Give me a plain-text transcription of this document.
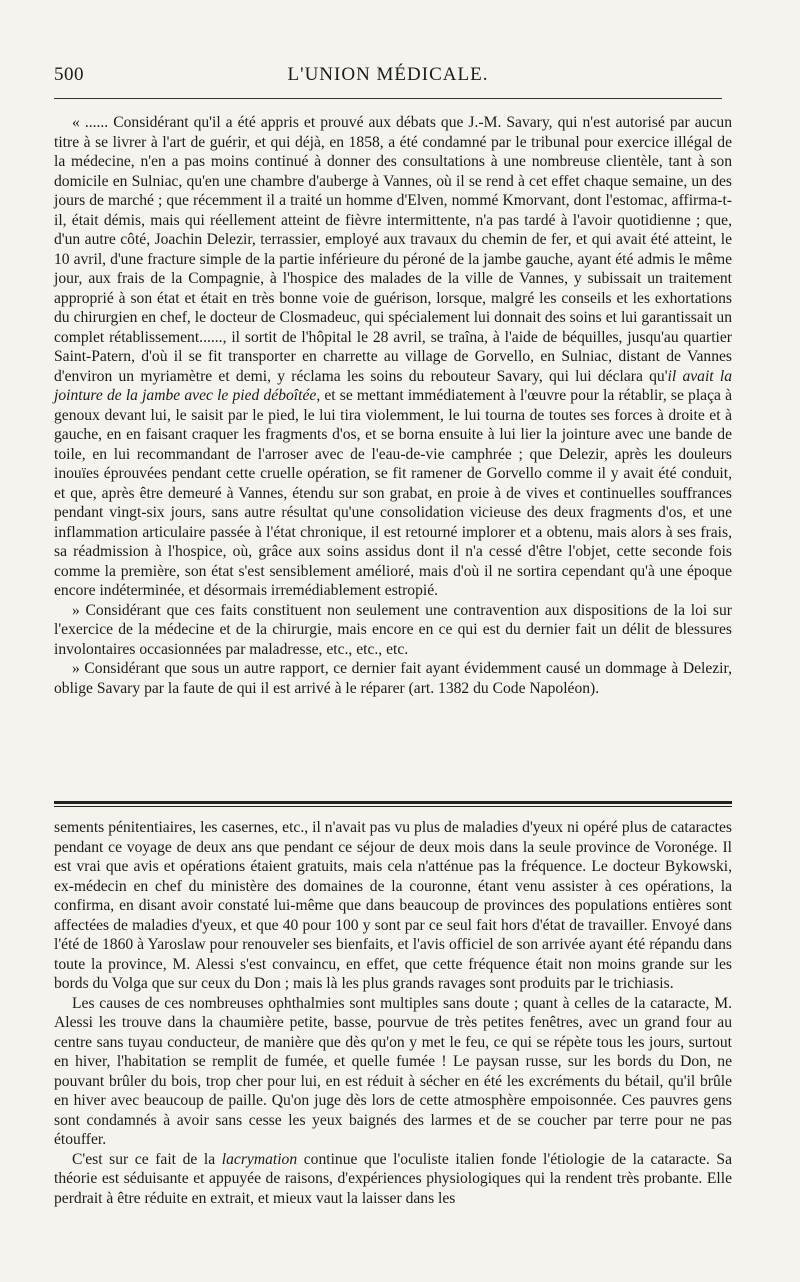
500	L'UNION MÉDICALE.

« ...... Considérant qu'il a été appris et prouvé aux débats que J.-M. Savary, qui n'est autorisé par aucun titre à se livrer à l'art de guérir, et qui déjà, en 1858, a été condamné par le tribunal pour exercice illégal de la médecine, n'en a pas moins continué à donner des consultations à une nombreuse clientèle, tant à son domicile en Sulniac, qu'en une chambre d'auberge à Vannes, où il se rend à cet effet chaque semaine, un des jours de marché ; que récemment il a traité un homme d'Elven, nommé Kmorvant, dont l'estomac, affirma-t-il, était démis, mais qui réellement atteint de fièvre intermittente, n'a pas tardé à l'avoir quotidienne ; que, d'un autre côté, Joachin Delezir, terrassier, employé aux travaux du chemin de fer, et qui avait été atteint, le 10 avril, d'une fracture simple de la partie inférieure du péroné de la jambe gauche, ayant été admis le même jour, aux frais de la Compagnie, à l'hospice des malades de la ville de Vannes, y subissait un traitement approprié à son état et était en très bonne voie de guérison, lorsque, malgré les conseils et les exhortations du chirurgien en chef, le docteur de Closmadeuc, qui spécialement lui donnait des soins et lui garantissait un complet rétablissement......, il sortit de l'hôpital le 28 avril, se traîna, à l'aide de béquilles, jusqu'au quartier Saint-Patern, d'où il se fit transporter en charrette au village de Gorvello, en Sulniac, distant de Vannes d'environ un myriamètre et demi, y réclama les soins du rebouteur Savary, qui lui déclara qu'il avait la jointure de la jambe avec le pied déboîtée, et se mettant immédiatement à l'œuvre pour la rétablir, se plaça à genoux devant lui, le saisit par le pied, le lui tira violemment, le lui tourna de toutes ses forces à droite et à gauche, en en faisant craquer les fragments d'os, et se borna ensuite à lui lier la jointure avec une bande de toile, en lui recommandant de l'arroser avec de l'eau-de-vie camphrée ; que Delezir, après les douleurs inouïes éprouvées pendant cette cruelle opération, se fit ramener de Gorvello comme il y avait été conduit, et que, après être demeuré à Vannes, étendu sur son grabat, en proie à de vives et continuelles souffrances pendant vingt-six jours, sans autre résultat qu'une consolidation vicieuse des deux fragments d'os, et une inflammation articulaire passée à l'état chronique, il est retourné implorer et a obtenu, mais alors à ses frais, sa réadmission à l'hospice, où, grâce aux soins assidus dont il n'a cessé d'être l'objet, cette seconde fois comme la première, son état s'est sensiblement amélioré, mais d'où il ne sortira cependant qu'à une époque encore indéterminée, et désormais irremédiablement estropié.

» Considérant que ces faits constituent non seulement une contravention aux dispositions de la loi sur l'exercice de la médecine et de la chirurgie, mais encore en ce qui est du dernier fait un délit de blessures involontaires occasionnées par maladresse, etc., etc., etc.

» Considérant que sous un autre rapport, ce dernier fait ayant évidemment causé un dommage à Delezir, oblige Savary par la faute de qui il est arrivé à le réparer (art. 1382 du Code Napoléon).

sements pénitentiaires, les casernes, etc., il n'avait pas vu plus de maladies d'yeux ni opéré plus de cataractes pendant ce voyage de deux ans que pendant ce séjour de deux mois dans la seule province de Voronége. Il est vrai que avis et opérations étaient gratuits, mais cela n'atténue pas la fréquence. Le docteur Bykowski, ex-médecin en chef du ministère des domaines de la couronne, étant venu assister à ces opérations, la confirma, en disant avoir constaté lui-même que dans beaucoup de provinces des populations entières sont affectées de maladies d'yeux, et que 40 pour 100 y sont par ce seul fait hors d'état de travailler. Envoyé dans l'été de 1860 à Yaroslaw pour renouveler ses bienfaits, et l'avis officiel de son arrivée ayant été répandu dans toute la province, M. Alessi s'est convaincu, en effet, que cette fréquence était non moins grande sur les bords du Volga que sur ceux du Don ; mais là les plus grands ravages sont produits par le trichiasis.

Les causes de ces nombreuses ophthalmies sont multiples sans doute ; quant à celles de la cataracte, M. Alessi les trouve dans la chaumière petite, basse, pourvue de très petites fenêtres, avec un grand four au centre sans tuyau conducteur, de manière que dès qu'on y met le feu, ce qui se répète tous les jours, surtout en hiver, l'habitation se remplit de fumée, et quelle fumée ! Le paysan russe, sur les bords du Don, ne pouvant brûler du bois, trop cher pour lui, en est réduit à sécher en été les excréments du bétail, qu'il brûle en hiver avec beaucoup de paille. Qu'on juge dès lors de cette atmosphère empoisonnée. Ces pauvres gens sont condamnés à avoir sans cesse les yeux baignés des larmes et de se coucher par terre pour ne pas étouffer.

C'est sur ce fait de la lacrymation continue que l'oculiste italien fonde l'étiologie de la cataracte. Sa théorie est séduisante et appuyée de raisons, d'expériences physiologiques qui la rendent très probante. Elle perdrait à être réduite en extrait, et mieux vaut la laisser dans les
